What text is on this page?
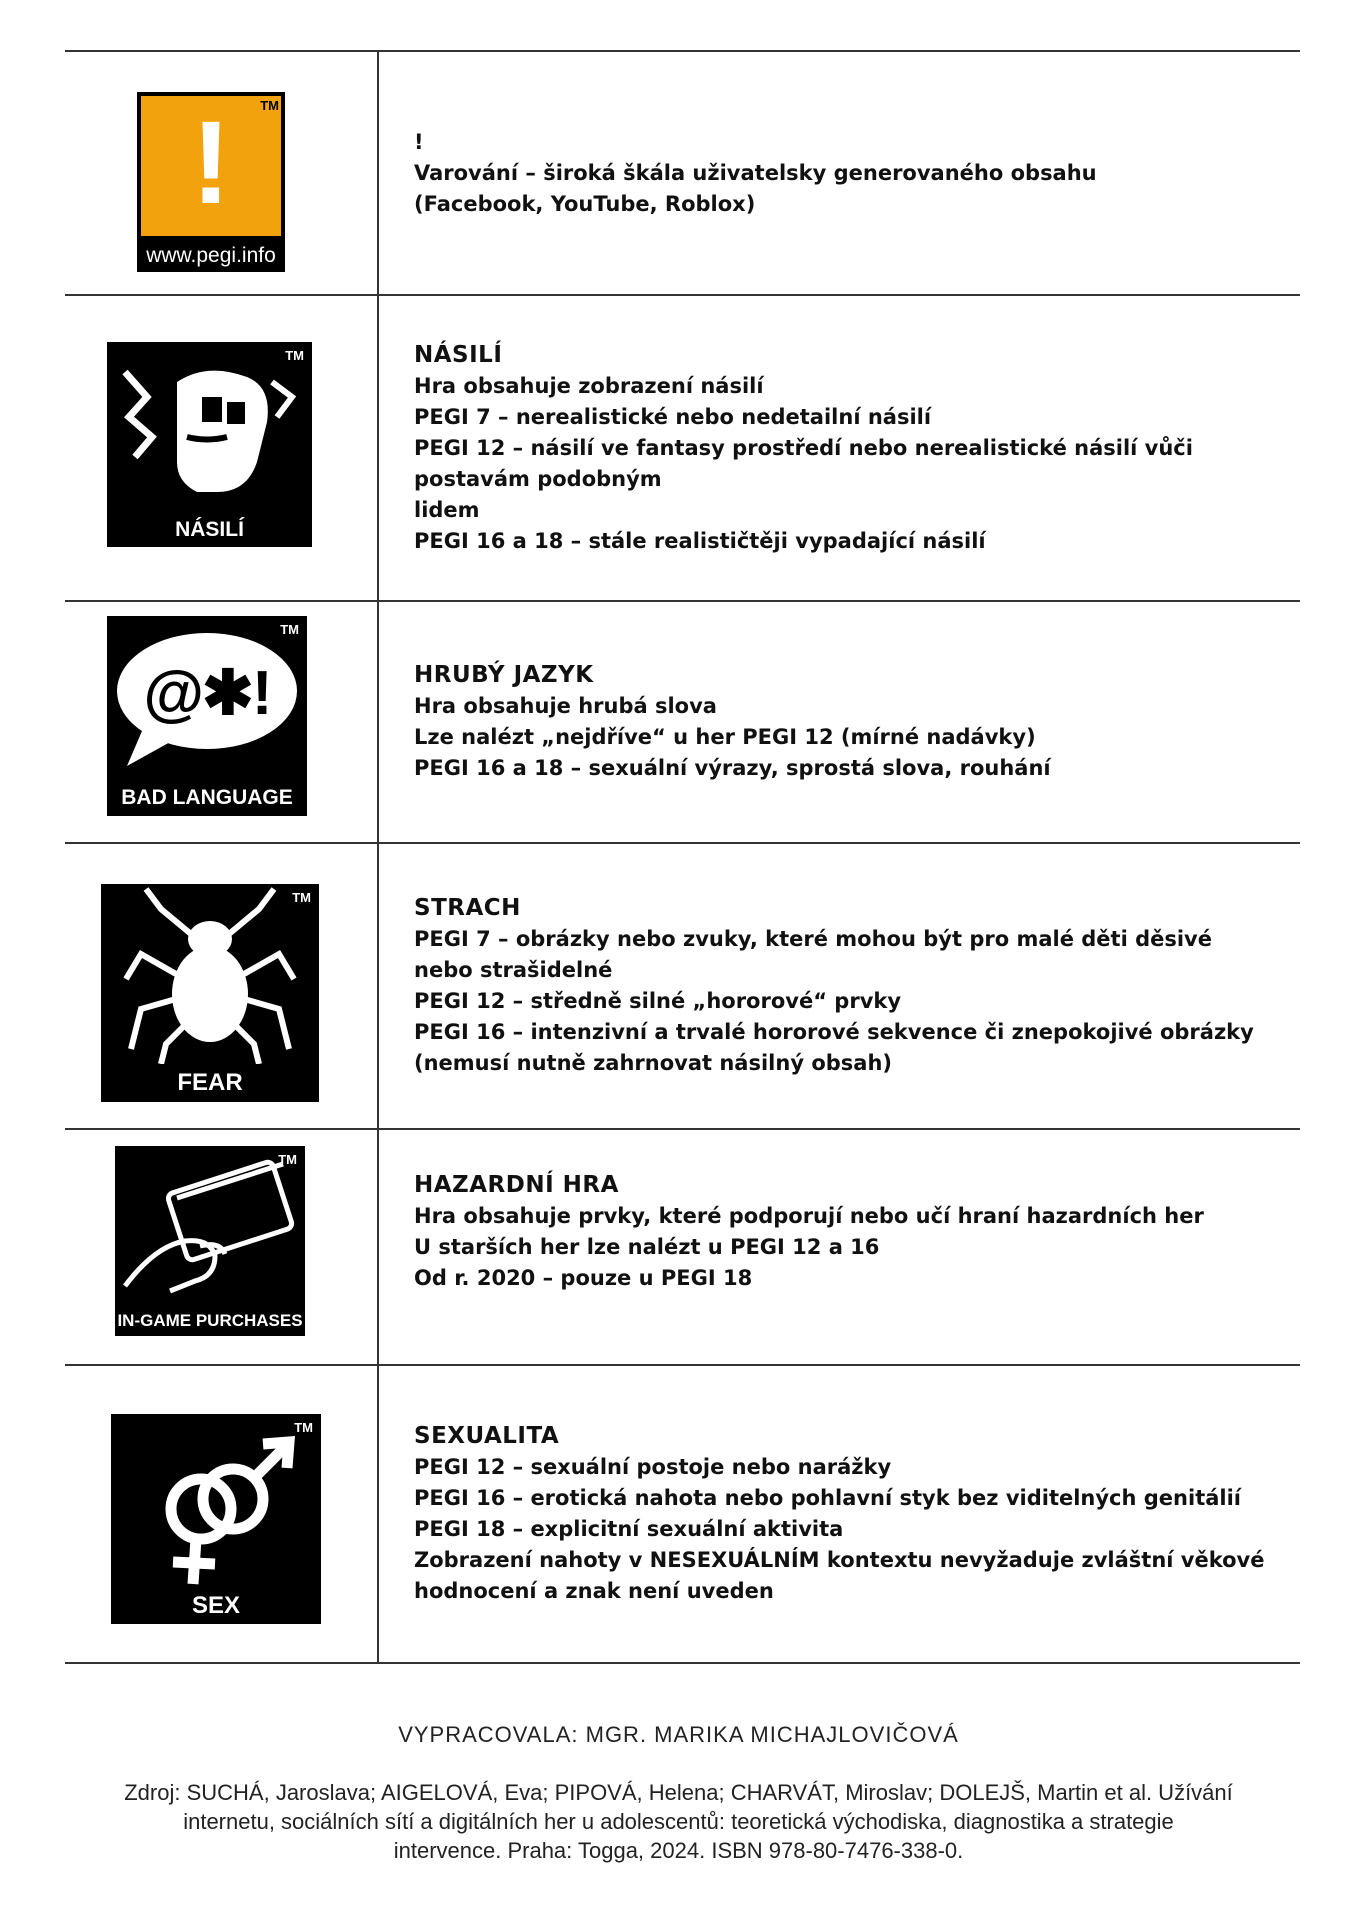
TM
!
www.pegi.info
!
Varování – široká škála uživatelsky generovaného obsahu
(Facebook, YouTube, Roblox)
TM
NÁSILÍ
NÁSILÍ
Hra obsahuje zobrazení násilí
PEGI 7 – nerealistické nebo nedetailní násilí
PEGI 12 – násilí ve fantasy prostředí nebo nerealistické násilí vůči
postavám podobným
lidem
PEGI 16 a 18 – stále realističtěji vypadající násilí
TM
@✱!
BAD LANGUAGE
HRUBÝ JAZYK
Hra obsahuje hrubá slova
Lze nalézt „nejdříve“ u her PEGI 12 (mírné nadávky)
PEGI 16 a 18 – sexuální výrazy, sprostá slova, rouhání
TM
FEAR
STRACH
PEGI 7 – obrázky nebo zvuky, které mohou být pro malé děti děsivé
nebo strašidelné
PEGI 12 – středně silné „hororové“ prvky
PEGI 16 – intenzivní a trvalé hororové sekvence či znepokojivé obrázky
(nemusí nutně zahrnovat násilný obsah)
TM
IN-GAME PURCHASES
HAZARDNÍ HRA
Hra obsahuje prvky, které podporují nebo učí hraní hazardních her
U starších her lze nalézt u PEGI 12 a 16
Od r. 2020 – pouze u PEGI 18
TM
SEX
SEXUALITA
PEGI 12 – sexuální postoje nebo narážky
PEGI 16 – erotická nahota nebo pohlavní styk bez viditelných genitálií
PEGI 18 – explicitní sexuální aktivita
Zobrazení nahoty v NESEXUÁLNÍM kontextu nevyžaduje zvláštní věkové
hodnocení a znak není uveden
VYPRACOVALA: MGR. MARIKA MICHAJLOVIČOVÁ
Zdroj: SUCHÁ, Jaroslava; AIGELOVÁ, Eva; PIPOVÁ, Helena; CHARVÁT, Miroslav; DOLEJŠ, Martin et al. Užívání
internetu, sociálních sítí a digitálních her u adolescentů: teoretická východiska, diagnostika a strategie
intervence. Praha: Togga, 2024. ISBN 978-80-7476-338-0.
